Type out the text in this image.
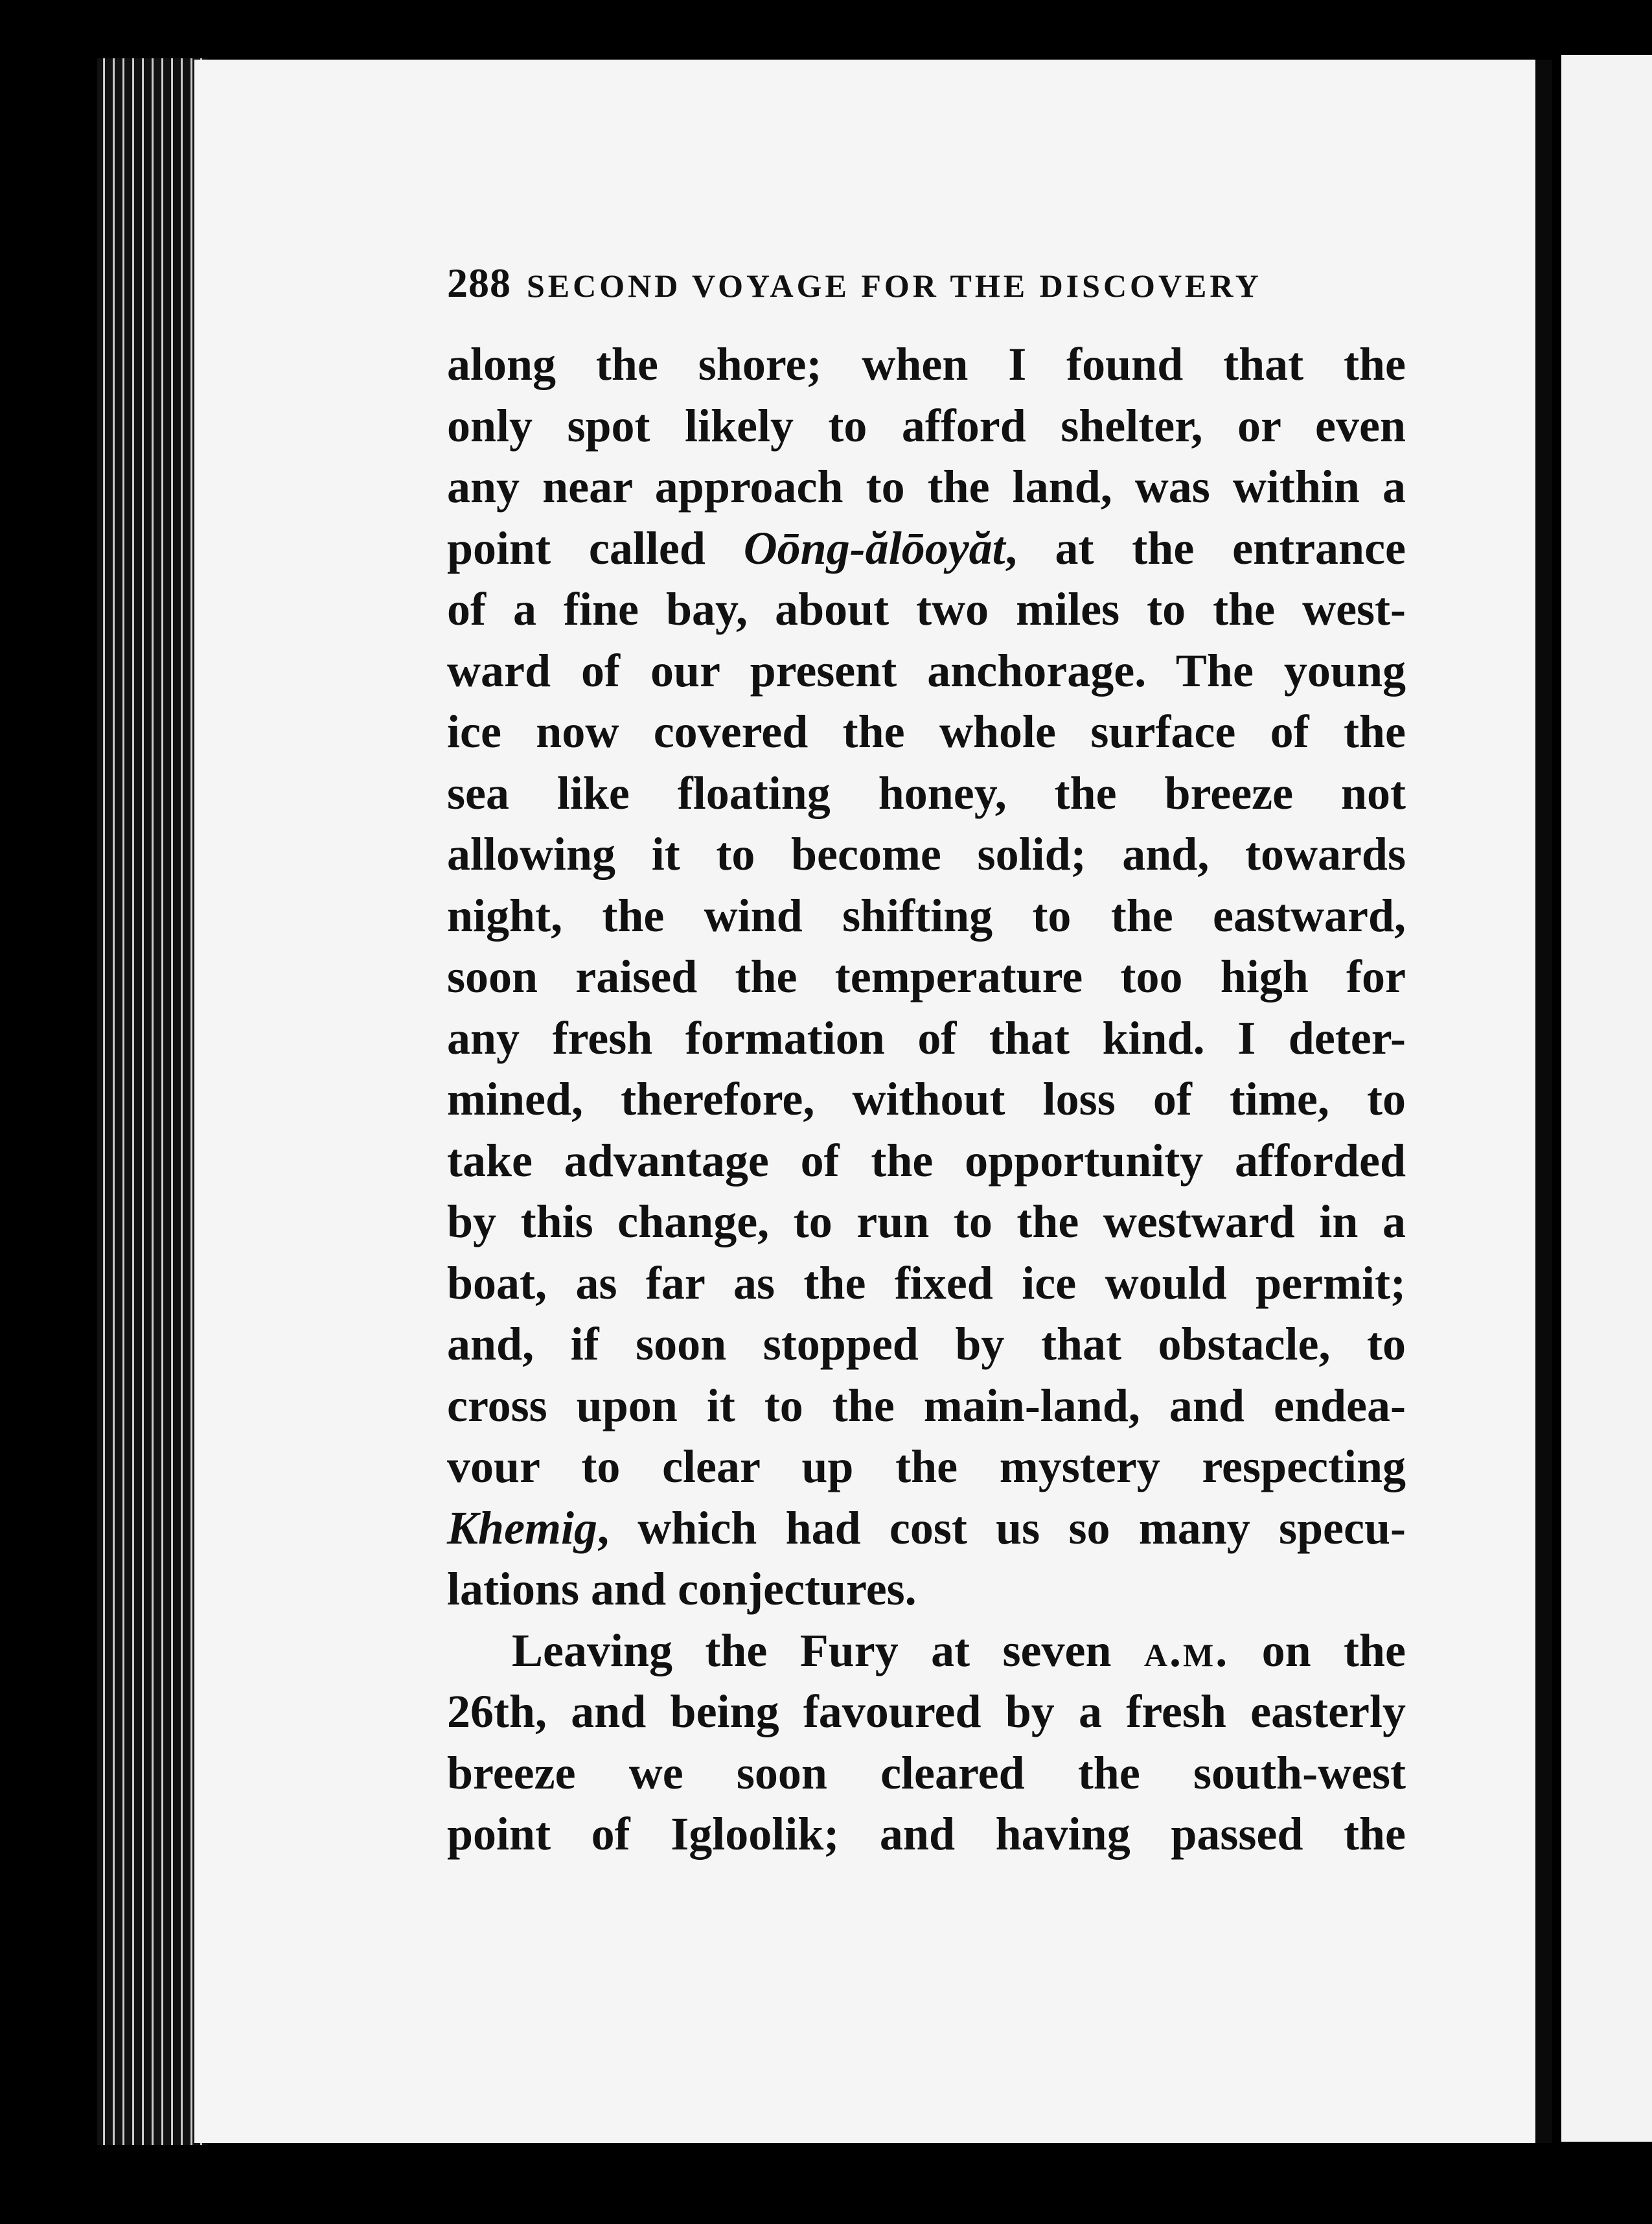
288 SECOND VOYAGE FOR THE DISCOVERY
along the shore; when I found that the
only spot likely to afford shelter, or even
any near approach to the land, was within a
point called Oōng-ălōoyăt, at the entrance
of a fine bay, about two miles to the west-
ward of our present anchorage. The young
ice now covered the whole surface of the
sea like floating honey, the breeze not
allowing it to become solid; and, towards
night, the wind shifting to the eastward,
soon raised the temperature too high for
any fresh formation of that kind. I deter-
mined, therefore, without loss of time, to
take advantage of the opportunity afforded
by this change, to run to the westward in a
boat, as far as the fixed ice would permit;
and, if soon stopped by that obstacle, to
cross upon it to the main-land, and endea-
vour to clear up the mystery respecting
Khemig, which had cost us so many specu-
lations and conjectures.
Leaving the Fury at seven a.m. on the
26th, and being favoured by a fresh easterly
breeze we soon cleared the south-west
point of Igloolik; and having passed the
